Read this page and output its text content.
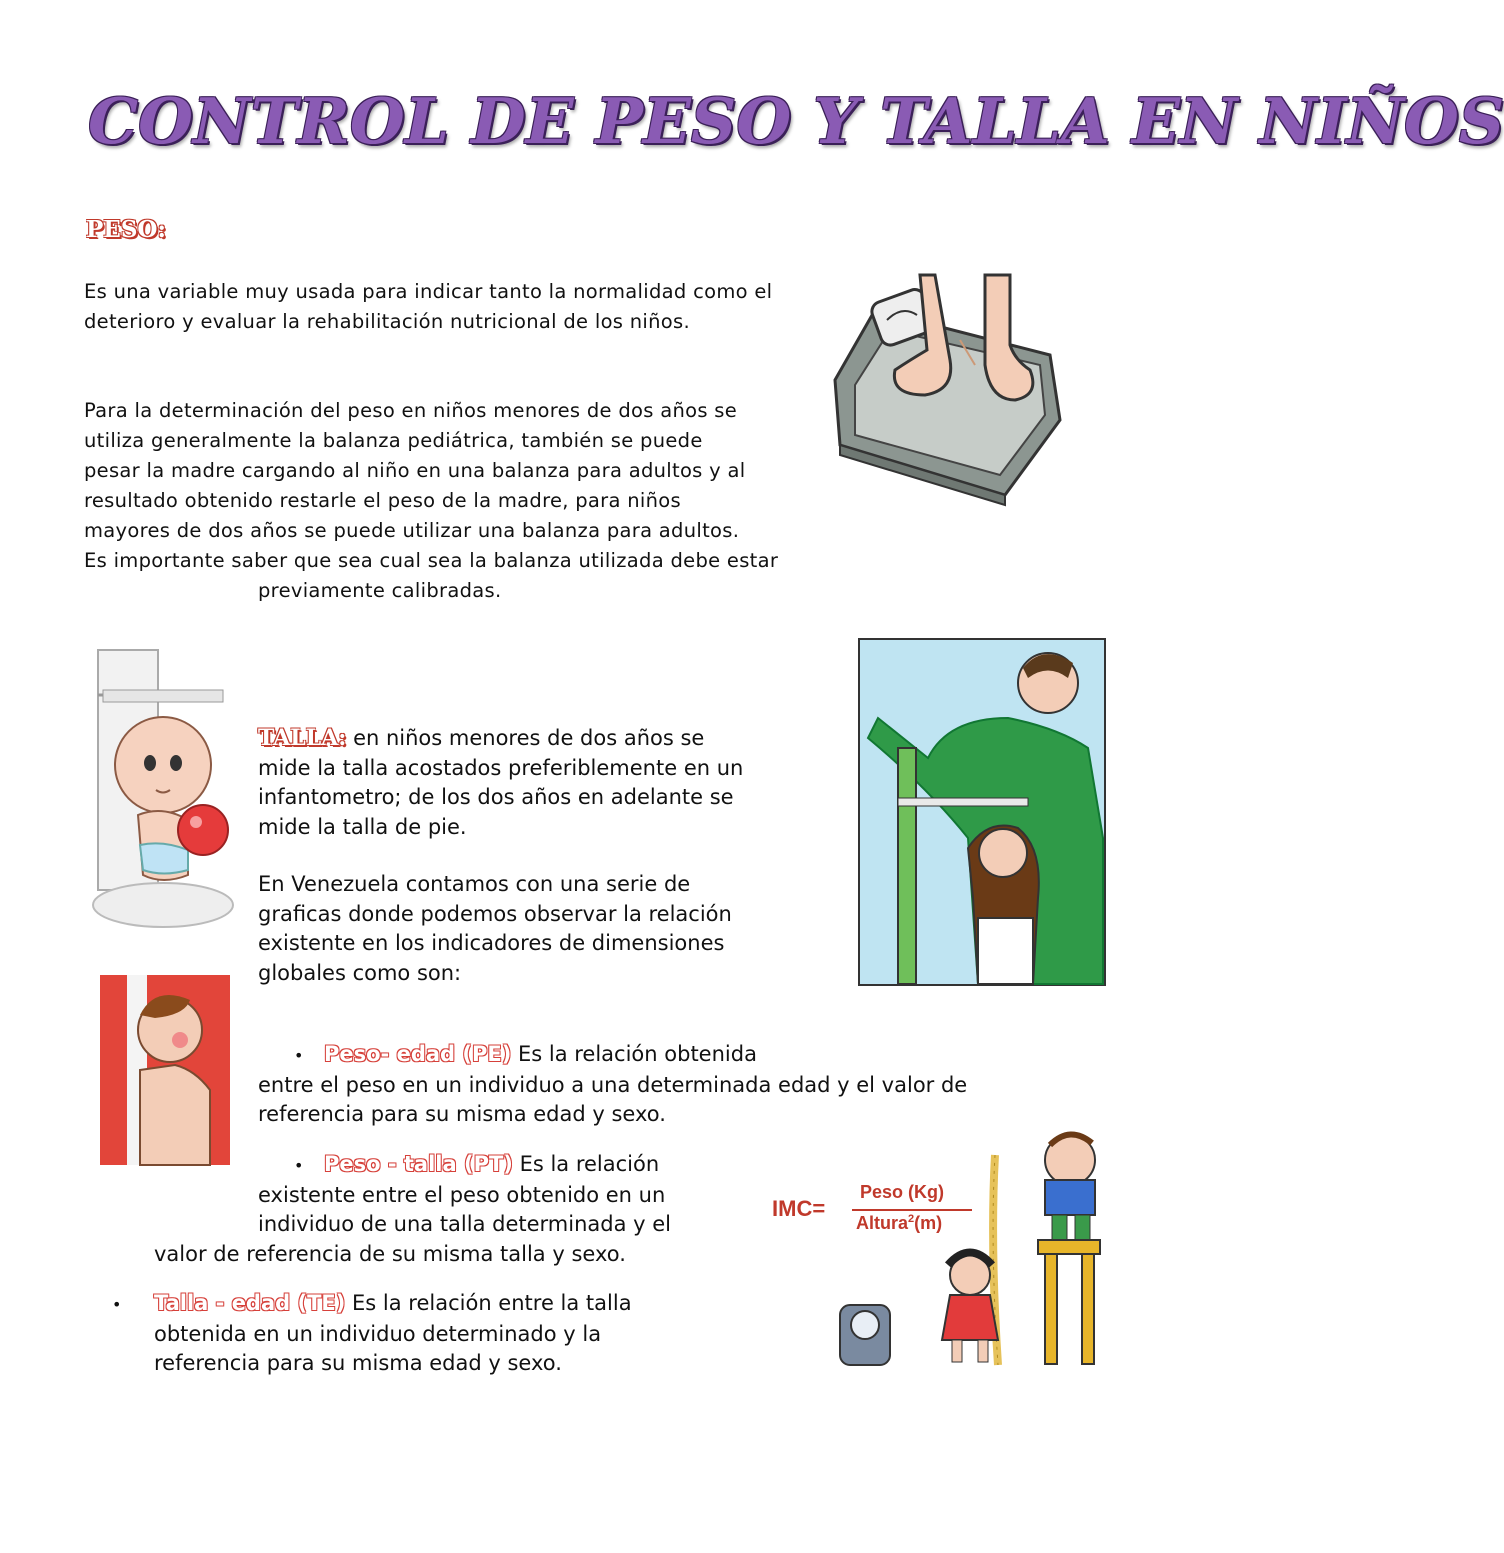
CONTROL DE PESO Y TALLA EN NIÑOS
PESO:
Es una variable muy usada para indicar tanto la normalidad como el deterioro y evaluar la rehabilitación nutricional de los niños.
Para la determinación del peso en niños menores de dos años se
utiliza generalmente la balanza pediátrica, también se puede
pesar la madre cargando al niño en una balanza para adultos y al
resultado obtenido restarle el peso de la madre, para niños
mayores de dos años se puede utilizar una balanza para adultos.
Es importante saber que sea cual sea la balanza utilizada debe estar
previamente calibradas.
TALLA: en niños menores de dos años se
mide la talla acostados preferiblemente en un
infantometro; de los dos años en adelante se
mide la talla de pie.
En Venezuela contamos con una serie de
graficas donde podemos observar la relación
existente en los indicadores de dimensiones
globales como son:
• Peso- edad (PE) Es la relación obtenida
entre el peso en un individuo a una determinada edad y el valor de
referencia para su misma edad y sexo.
• Peso - talla (PT) Es la relación
existente entre el peso obtenido en un
individuo de una talla determinada y el
valor de referencia de su misma talla y sexo.
• Talla - edad (TE) Es la relación entre la talla
obtenida en un individuo determinado y la
referencia para su misma edad y sexo.
IMC=
Peso (Kg)
Altura$^2$(m)
